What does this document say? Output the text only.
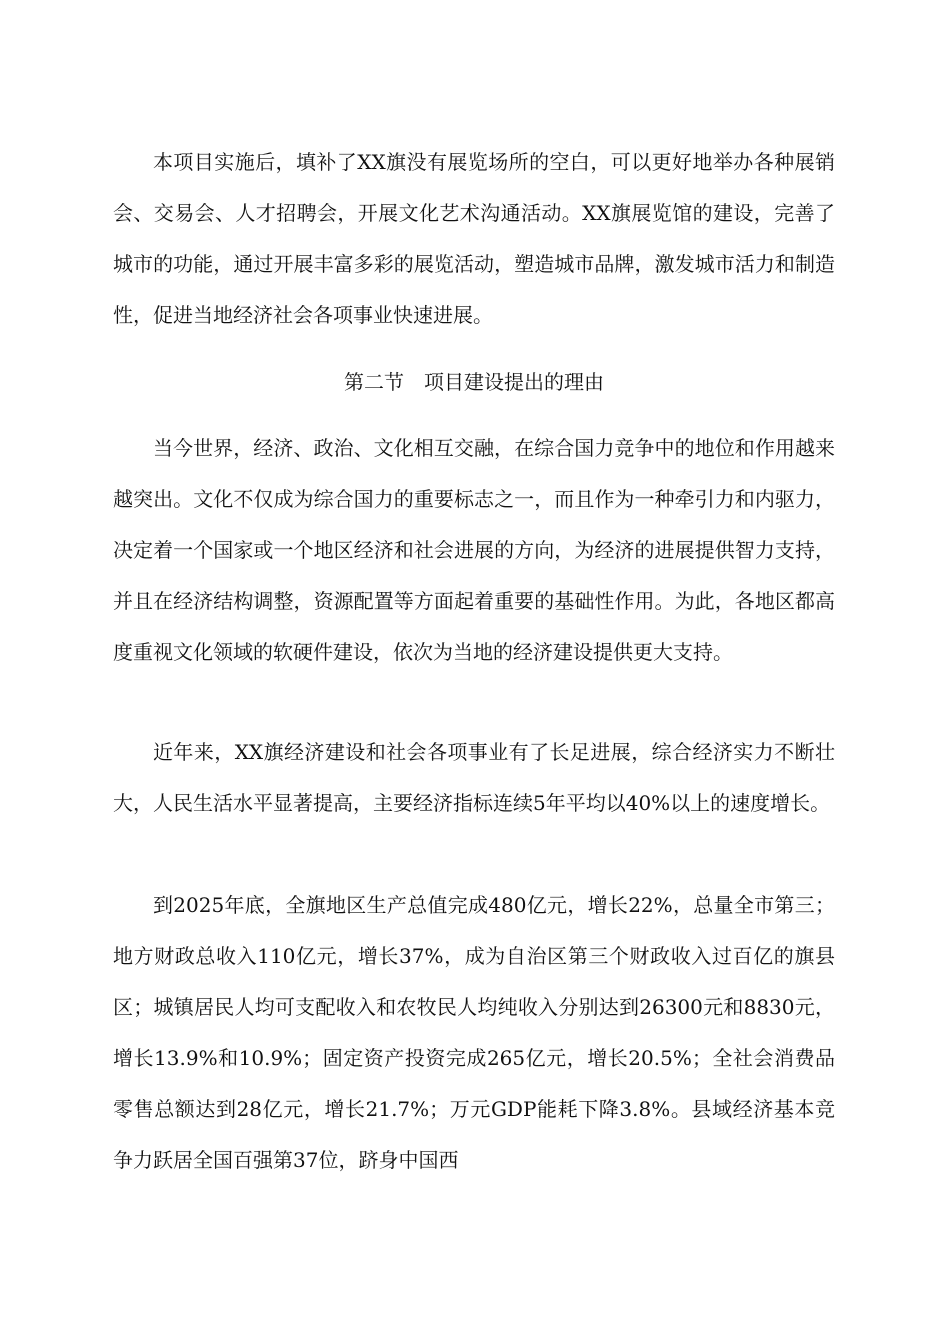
本项目实施后，填补了XX旗没有展览场所的空白，可以更好地举办各种展销会、交易会、人才招聘会，开展文化艺术沟通活动。XX旗展览馆的建设，完善了城市的功能，通过开展丰富多彩的展览活动，塑造城市品牌，激发城市活力和制造性，促进当地经济社会各项事业快速进展。

第二节　项目建设提出的理由

当今世界，经济、政治、文化相互交融，在综合国力竞争中的地位和作用越来越突出。文化不仅成为综合国力的重要标志之一，而且作为一种牵引力和内驱力，决定着一个国家或一个地区经济和社会进展的方向，为经济的进展提供智力支持，并且在经济结构调整，资源配置等方面起着重要的基础性作用。为此，各地区都高度重视文化领域的软硬件建设，依次为当地的经济建设提供更大支持。

近年来，XX旗经济建设和社会各项事业有了长足进展，综合经济实力不断壮大，人民生活水平显著提高，主要经济指标连续5年平均以40%以上的速度增长。

到2025年底，全旗地区生产总值完成480亿元，增长22%，总量全市第三；地方财政总收入110亿元，增长37%，成为自治区第三个财政收入过百亿的旗县区；城镇居民人均可支配收入和农牧民人均纯收入分别达到26300元和8830元，增长13.9%和10.9%；固定资产投资完成265亿元，增长20.5%；全社会消费品零售总额达到28亿元，增长21.7%；万元GDP能耗下降3.8%。县域经济基本竞争力跃居全国百强第37位，跻身中国西
